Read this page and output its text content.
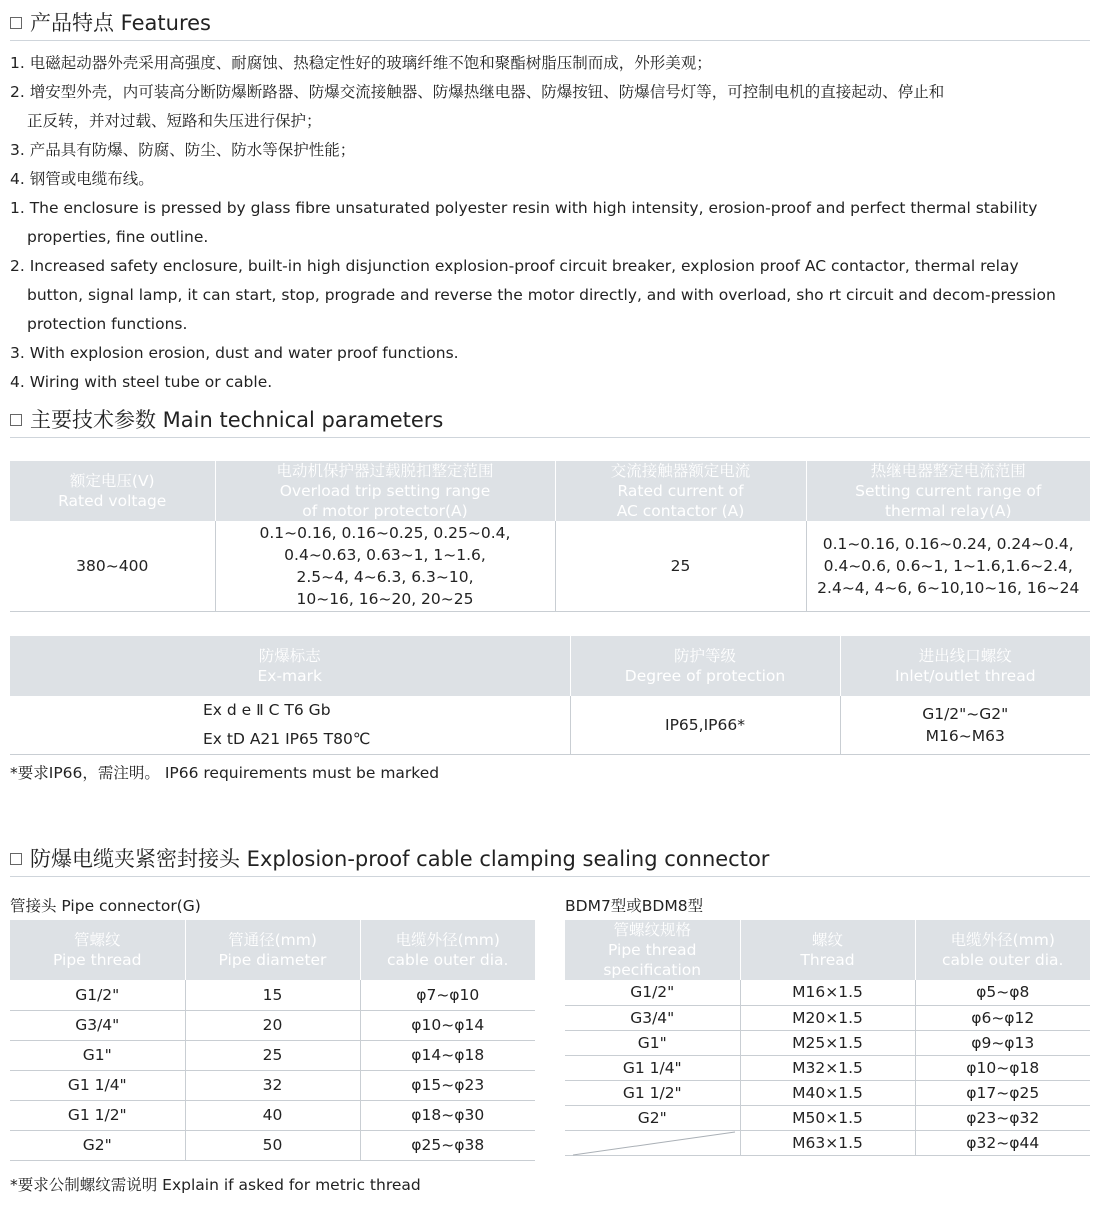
产品特点 Features
1. 电磁起动器外壳采用高强度、耐腐蚀、热稳定性好的玻璃纤维不饱和聚酯树脂压制而成，外形美观；
2. 增安型外壳，内可装高分断防爆断路器、防爆交流接触器、防爆热继电器、防爆按钮、防爆信号灯等，可控制电机的直接起动、停止和
正反转，并对过载、短路和失压进行保护；
3. 产品具有防爆、防腐、防尘、防水等保护性能；
4. 钢管或电缆布线。
1. The enclosure is pressed by glass fibre unsaturated polyester resin with high intensity, erosion-proof and perfect thermal stability
properties, fine outline.
2. Increased safety enclosure, built-in high disjunction explosion-proof circuit breaker, explosion proof AC contactor, thermal relay
button, signal lamp, it can start, stop, prograde and reverse the motor directly, and with overload, sho rt circuit and decom-pression
protection functions.
3. With explosion erosion, dust and water proof functions.
4. Wiring with steel tube or cable.
主要技术参数 Main technical parameters
额定电压(V)
Rated voltage	电动机保护器过载脱扣整定范围
Overload trip setting range
of motor protector(A)	交流接触器额定电流
Rated current of
AC contactor (A)	热继电器整定电流范围
Setting current range of
thermal relay(A)

380~400	0.1~0.16, 0.16~0.25, 0.25~0.4,
0.4~0.63, 0.63~1, 1~1.6,
2.5~4, 4~6.3, 6.3~10,
10~16, 16~20, 20~25	25	0.1~0.16, 0.16~0.24, 0.24~0.4,
0.4~0.6, 0.6~1, 1~1.6,1.6~2.4,
2.4~4, 4~6, 6~10,10~16, 16~24
防爆标志
Ex-mark	防护等级
Degree of protection	进出线口螺纹
Inlet/outlet thread

Ex d e Ⅱ C T6 Gb
Ex tD A21 IP65 T80℃	IP65,IP66*	G1/2"~G2"
M16~M63
*要求IP66，需注明。 IP66 requirements must be marked
防爆电缆夹紧密封接头 Explosion-proof cable clamping sealing connector
管接头 Pipe connector(G)	BDM7型或BDM8型
管螺纹
Pipe thread	管通径(mm)
Pipe diameter	电缆外径(mm)
cable outer dia.

G1/2"	15	φ7~φ10
G3/4"	20	φ10~φ14
G1"	25	φ14~φ18
G1 1/4"	32	φ15~φ23
G1 1/2"	40	φ18~φ30
G2"	50	φ25~φ38
管螺纹规格
Pipe thread
specification	螺纹
Thread	电缆外径(mm)
cable outer dia.

G1/2"	M16×1.5	φ5~φ8
G3/4"	M20×1.5	φ6~φ12
G1"	M25×1.5	φ9~φ13
G1 1/4"	M32×1.5	φ10~φ18
G1 1/2"	M40×1.5	φ17~φ25
G2"	M50×1.5	φ23~φ32

	M63×1.5	φ32~φ44
*要求公制螺纹需说明 Explain if asked for metric thread
